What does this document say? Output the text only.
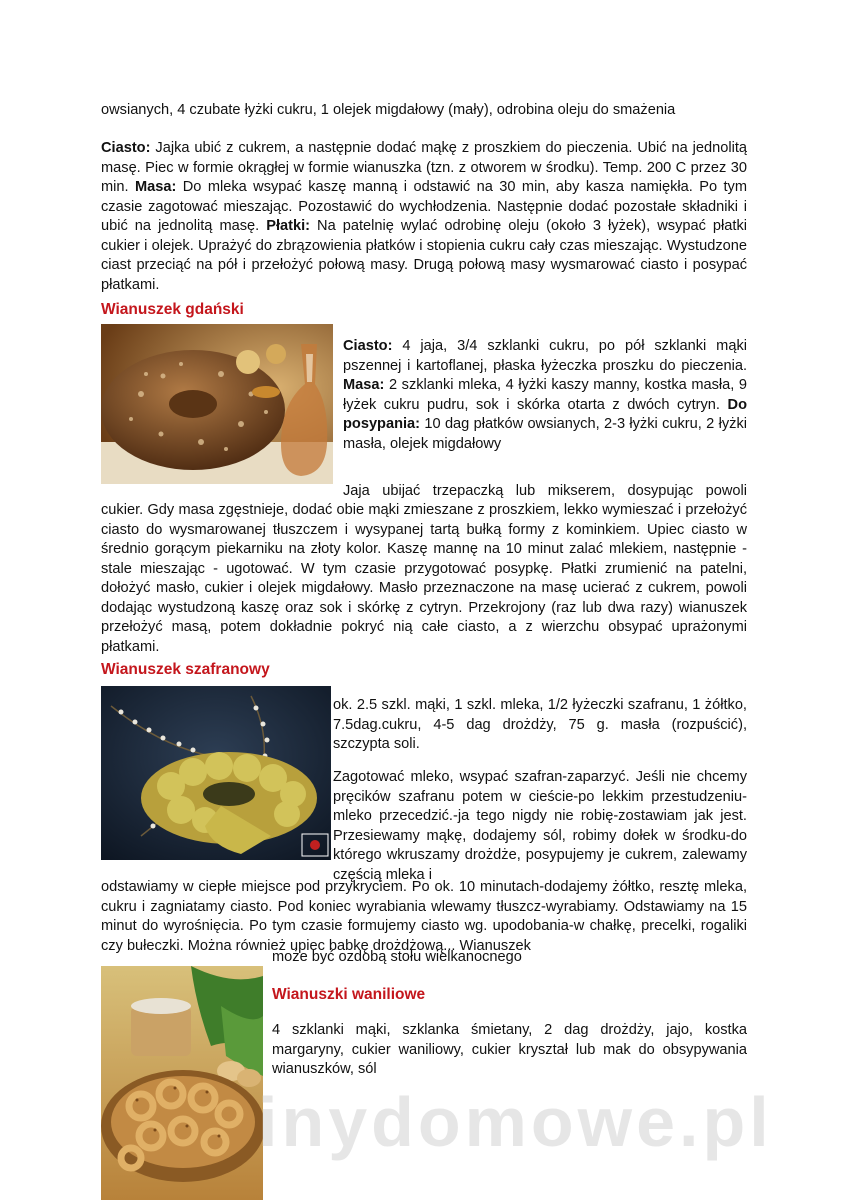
owsianych, 4 czubate łyżki cukru, 1 olejek migdałowy (mały), odrobina oleju do smażenia
Ciasto: Jajka ubić z cukrem, a następnie dodać mąkę z proszkiem do pieczenia. Ubić na jednolitą masę. Piec w formie okrągłej w formie wianuszka (tzn. z otworem w środku). Temp. 200 C przez 30 min. Masa: Do mleka wsypać kaszę manną i odstawić na 30 min, aby kasza namiękła. Po tym czasie zagotować mieszając. Pozostawić do wychłodzenia. Następnie dodać pozostałe składniki i ubić na jednolitą masę. Płatki: Na patelnię wylać odrobinę oleju (około 3 łyżek), wsypać płatki cukier i olejek. Uprażyć do zbrązowienia płatków i stopienia cukru cały czas mieszając. Wystudzone ciast przeciąć na pół i przełożyć połową masy. Drugą połową masy wysmarować ciasto i posypać płatkami.
Wianuszek gdański
Ciasto: 4 jaja, 3/4 szklanki cukru, po pół szklanki mąki pszennej i kartoflanej, płaska łyżeczka proszku do pieczenia. Masa: 2 szklanki mleka, 4 łyżki kaszy manny, kostka masła, 9 łyżek cukru pudru, sok i skórka otarta z dwóch cytryn. Do posypania: 10 dag płatków owsianych, 2-3 łyżki cukru, 2 łyżki masła, olejek migdałowy
Jaja ubijać trzepaczką lub mikserem, dosypując powoli
cukier. Gdy masa zgęstnieje, dodać obie mąki zmieszane z proszkiem, lekko wymieszać i przełożyć ciasto do wysmarowanej tłuszczem i wysypanej tartą bułką formy z kominkiem. Upiec ciasto w średnio gorącym piekarniku na złoty kolor. Kaszę mannę na 10 minut zalać mlekiem, następnie - stale mieszając - ugotować. W tym czasie przygotować posypkę. Płatki zrumienić na patelni, dołożyć masło, cukier i olejek migdałowy. Masło przeznaczone na masę ucierać z cukrem, powoli dodając wystudzoną kaszę oraz sok i skórkę z cytryn. Przekrojony (raz lub dwa razy) wianuszek przełożyć masą, potem dokładnie pokryć nią całe ciasto, a z wierzchu obsypać uprażonymi płatkami.
Wianuszek szafranowy
ok. 2.5 szkl. mąki, 1 szkl. mleka, 1/2 łyżeczki szafranu, 1 żółtko, 7.5dag.cukru, 4-5 dag drożdży, 75 g. masła (rozpuścić), szczypta soli.
Zagotować mleko, wsypać szafran-zaparzyć. Jeśli nie chcemy pręcików szafranu potem w cieście-po lekkim przestudzeniu-mleko przecedzić.-ja tego nigdy nie robię-zostawiam jak jest. Przesiewamy mąkę, dodajemy sól, robimy dołek w środku-do którego wkruszamy drożdże, posypujemy je cukrem, zalewamy częścią mleka i
odstawiamy w ciepłe miejsce pod przykryciem. Po ok. 10 minutach-dodajemy żółtko, resztę mleka, cukru i zagniatamy ciasto. Pod koniec wyrabiania wlewamy tłuszcz-wyrabiamy. Odstawiamy na 15 minut do wyrośnięcia. Po tym czasie formujemy ciasto wg. upodobania-w chałkę, precelki, rogaliki czy bułeczki. Można również upiec babkę drożdżową... Wianuszek
może być ozdobą stołu wielkanocnego
Wianuszki waniliowe
4 szklanki mąki, szklanka śmietany, 2 dag drożdży, jajo, kostka margaryny, cukier waniliowy, cukier kryształ lub mak do obsypywania wianuszków, sól
inydomowe.pl
